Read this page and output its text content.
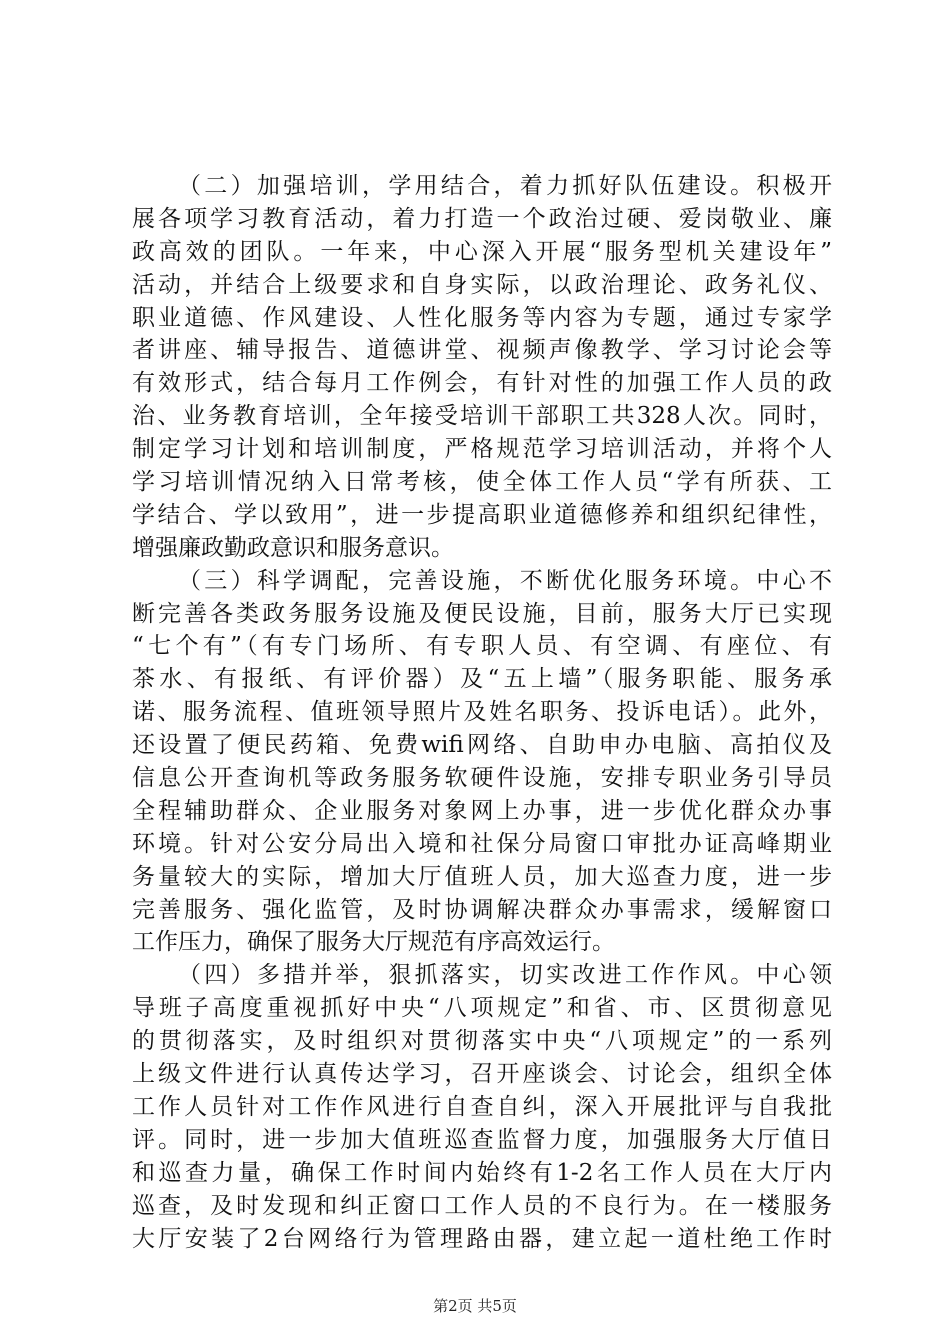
（二）加强培训，学用结合，着力抓好队伍建设。积极开
展各项学习教育活动，着力打造一个政治过硬、爱岗敬业、廉
政高效的团队。一年来，中心深入开展“服务型机关建设年”
活动，并结合上级要求和自身实际，以政治理论、政务礼仪、
职业道德、作风建设、人性化服务等内容为专题，通过专家学
者讲座、辅导报告、道德讲堂、视频声像教学、学习讨论会等
有效形式，结合每月工作例会，有针对性的加强工作人员的政
治、业务教育培训，全年接受培训干部职工共328人次。同时，
制定学习计划和培训制度，严格规范学习培训活动，并将个人
学习培训情况纳入日常考核，使全体工作人员“学有所获、工
学结合、学以致用”，进一步提高职业道德修养和组织纪律性，
增强廉政勤政意识和服务意识。
（三）科学调配，完善设施，不断优化服务环境。中心不
断完善各类政务服务设施及便民设施，目前，服务大厅已实现
“七个有”（有专门场所、有专职人员、有空调、有座位、有
茶水、有报纸、有评价器）及“五上墙”（服务职能、服务承
诺、服务流程、值班领导照片及姓名职务、投诉电话）。此外，
还设置了便民药箱、免费wifi网络、自助申办电脑、高拍仪及
信息公开查询机等政务服务软硬件设施，安排专职业务引导员
全程辅助群众、企业服务对象网上办事，进一步优化群众办事
环境。针对公安分局出入境和社保分局窗口审批办证高峰期业
务量较大的实际，增加大厅值班人员，加大巡查力度，进一步
完善服务、强化监管，及时协调解决群众办事需求，缓解窗口
工作压力，确保了服务大厅规范有序高效运行。
（四）多措并举，狠抓落实，切实改进工作作风。中心领
导班子高度重视抓好中央“八项规定”和省、市、区贯彻意见
的贯彻落实，及时组织对贯彻落实中央“八项规定”的一系列
上级文件进行认真传达学习，召开座谈会、讨论会，组织全体
工作人员针对工作作风进行自查自纠，深入开展批评与自我批
评。同时，进一步加大值班巡查监督力度，加强服务大厅值日
和巡查力量，确保工作时间内始终有1-2名工作人员在大厅内
巡查，及时发现和纠正窗口工作人员的不良行为。在一楼服务
大厅安装了2台网络行为管理路由器，建立起一道杜绝工作时
第2页 共5页
